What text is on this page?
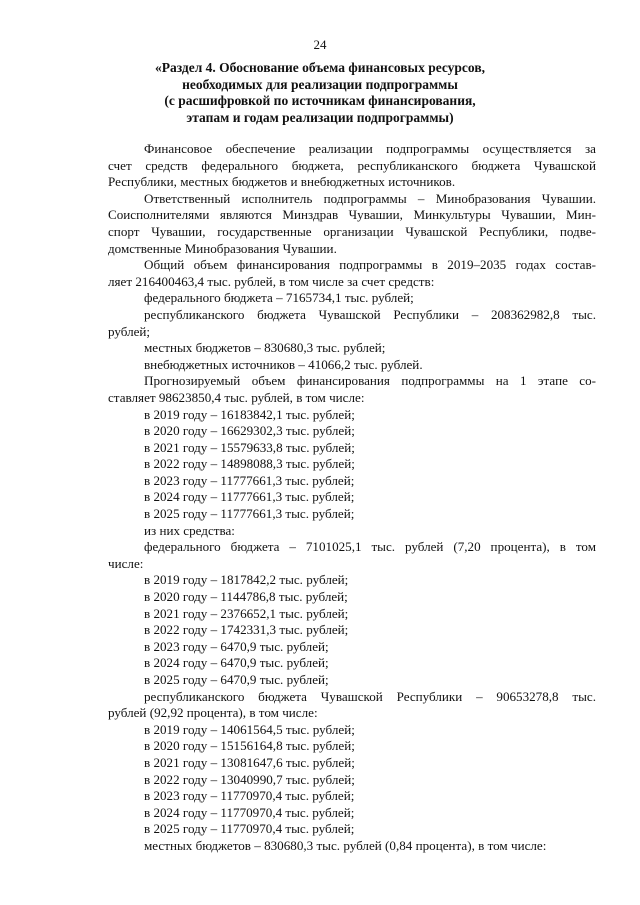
24
«Раздел 4. Обоснование объема финансовых ресурсов,
необходимых для реализации подпрограммы
(с расшифровкой по источникам финансирования,
этапам и годам реализации подпрограммы)
Финансовое обеспечение реализации подпрограммы осуществляется за
счет средств федерального бюджета, республиканского бюджета Чувашской
Республики, местных бюджетов и внебюджетных источников.
Ответственный исполнитель подпрограммы – Минобразования Чувашии.
Соисполнителями являются Минздрав Чувашии, Минкультуры Чувашии, Мин-
спорт Чувашии, государственные организации Чувашской Республики, подве-
домственные Минобразования Чувашии.
Общий объем финансирования подпрограммы в 2019–2035 годах состав-
ляет 216400463,4 тыс. рублей, в том числе за счет средств:
федерального бюджета – 7165734,1 тыс. рублей;
республиканского бюджета Чувашской Республики – 208362982,8 тыс.
рублей;
местных бюджетов – 830680,3 тыс. рублей;
внебюджетных источников – 41066,2 тыс. рублей.
Прогнозируемый объем финансирования подпрограммы на 1 этапе со-
ставляет 98623850,4 тыс. рублей, в том числе:
в 2019 году – 16183842,1 тыс. рублей;
в 2020 году – 16629302,3 тыс. рублей;
в 2021 году – 15579633,8 тыс. рублей;
в 2022 году – 14898088,3 тыс. рублей;
в 2023 году – 11777661,3 тыс. рублей;
в 2024 году – 11777661,3 тыс. рублей;
в 2025 году – 11777661,3 тыс. рублей;
из них средства:
федерального бюджета – 7101025,1 тыс. рублей (7,20 процента), в том
числе:
в 2019 году – 1817842,2 тыс. рублей;
в 2020 году – 1144786,8 тыс. рублей;
в 2021 году – 2376652,1 тыс. рублей;
в 2022 году – 1742331,3 тыс. рублей;
в 2023 году – 6470,9 тыс. рублей;
в 2024 году – 6470,9 тыс. рублей;
в 2025 году – 6470,9 тыс. рублей;
республиканского бюджета Чувашской Республики – 90653278,8 тыс.
рублей (92,92 процента), в том числе:
в 2019 году – 14061564,5 тыс. рублей;
в 2020 году – 15156164,8 тыс. рублей;
в 2021 году – 13081647,6 тыс. рублей;
в 2022 году – 13040990,7 тыс. рублей;
в 2023 году – 11770970,4 тыс. рублей;
в 2024 году – 11770970,4 тыс. рублей;
в 2025 году – 11770970,4 тыс. рублей;
местных бюджетов – 830680,3 тыс. рублей (0,84 процента), в том числе:
